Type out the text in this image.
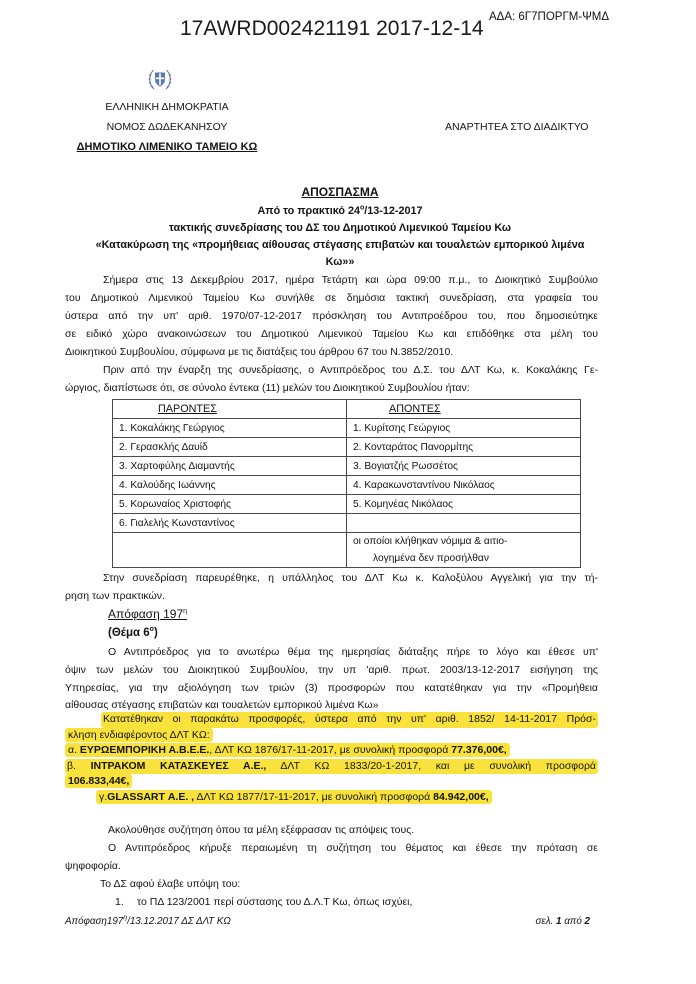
17AWRD002421191 2017-12-14 ΑΔΑ: 6Γ7ΠΟΡΓΜ-ΨΜΔ
ΕΛΛΗΝΙΚΗ ΔΗΜΟΚΡΑΤΙΑ
ΝΟΜΟΣ ΔΩΔΕΚΑΝΗΣΟΥ
ΔΗΜΟΤΙΚΟ ΛΙΜΕΝΙΚΟ ΤΑΜΕΙΟ ΚΩ
ΑΝΑΡΤΗΤΕΑ ΣΤΟ ΔΙΑΔΙΚΤΥΟ
ΑΠΟΣΠΑΣΜΑ
Από το πρακτικό $24^o/13-12-2017$
τακτικής συνεδρίασης του ΔΣ του Δημοτικού Λιμενικού Ταμείου Κω
«Κατακύρωση της «προμήθειας αίθουσας στέγασης επιβατών και τουαλετών εμπορικού λιμένα
Κω»»
Σήμερα στις 13 Δεκεμβρίου 2017, ημέρα Τετάρτη και ώρα 09:00 π.μ., το Διοικητικό Συμβούλιο
του Δημοτικού Λιμενικού Ταμείου Κω συνήλθε σε δημόσια τακτική συνεδρίαση, στα γραφεία του
ύστερα από την υπ' αριθ. 1970/07-12-2017 πρόσκληση του Αντιπροέδρου του, που δημοσιεύτηκε
σε ειδικό χώρο ανακοινώσεων του Δημοτικού Λιμενικού Ταμείου Κω και επιδόθηκε στα μέλη του
Διοικητικού Συμβουλίου, σύμφωνα με τις διατάξεις του άρθρου 67 του Ν.3852/2010.
Πριν από την έναρξη της συνεδρίασης, ο Αντιπρόεδρος του Δ.Σ. του ΔΛΤ Κω, κ. Κοκαλάκης Γε-
ώργιος, διαπίστωσε ότι, σε σύνολο έντεκα (11) μελών του Διοικητικού Συμβουλίου ήταν:
ΠΑΡΟΝΤΕΣ	ΑΠΟΝΤΕΣ
1. Κοκαλάκης Γεώργιος	1. Κυρίτσης Γεώργιος
2. Γερασκλής Δαυίδ	2. Κονταράτος Πανορμίτης
3. Χαρτοφύλης Διαμαντής	3. Βογιατζής Ρωσσέτος
4. Καλούδης Ιωάννης	4. Καρακωνσταντίνου Νικόλαος
5. Κορωναίος Χριστοφής	5. Κομηνέας Νικόλαος
6. Γιαλελής Κωνσταντίνος	

	οι οποίοι κλήθηκαν νόμιμα & αιτιο-
λογημένα δεν προσήλθαν
Στην συνεδρίαση παρευρέθηκε, η υπάλληλος του ΔΛΤ Κω κ. Καλοξύλου Αγγελική για την τή-
ρηση των πρακτικών.
Απόφαση $197^\eta$
(Θέμα $6^o$)
Ο Αντιπρόεδρος για το ανωτέρω θέμα της ημερησίας διάταξης πήρε το λόγο και έθεσε υπ'
όψιν των μελών του Διοικητικού Συμβουλίου, την υπ 'αριθ. πρωτ. 2003/13-12-2017 εισήγηση της
Υπηρεσίας, για την αξιολόγηση των τριών (3) προσφορών που κατατέθηκαν για την «Προμήθεια
αίθουσας στέγασης επιβατών και τουαλετών εμπορικού λιμένα Κω»
Κατατέθηκαν οι παρακάτω προσφορές, ύστερα από την υπ' αριθ. 1852/ 14-11-2017 Πρόσ-
κληση ενδιαφέροντος ΔΛΤ ΚΩ:
α. ΕΥΡΩΕΜΠΟΡΙΚΗ Α.Β.Ε.Ε., ΔΛΤ ΚΩ 1876/17-11-2017, με συνολική προσφορά 77.376,00€,
β. ΙΝΤΡΑΚΟΜ ΚΑΤΑΣΚΕΥΕΣ Α.Ε., ΔΛΤ ΚΩ 1833/20-1-2017, και με συνολική προσφορά
106.833,44€,
γ.GLASSART Α.Ε. , ΔΛΤ ΚΩ 1877/17-11-2017, με συνολική προσφορά 84.942,00€,
Ακολούθησε συζήτηση όπου τα μέλη εξέφρασαν τις απόψεις τους.
Ο Αντιπρόεδρος κήρυξε περαιωμένη τη συζήτηση του θέματος και έθεσε την πρόταση σε
ψηφοφορία.
Το ΔΣ αφού έλαβε υπόψη του:
1. το ΠΔ 123/2001 περί σύστασης του Δ.Λ.Τ Κω, όπως ισχύει,
$A\pi ό\varphi\alpha\sigma\eta 197^\eta/13.12.2017$ ΔΣ ΔΛΤ ΚΩ	σελ. 1 από 2
